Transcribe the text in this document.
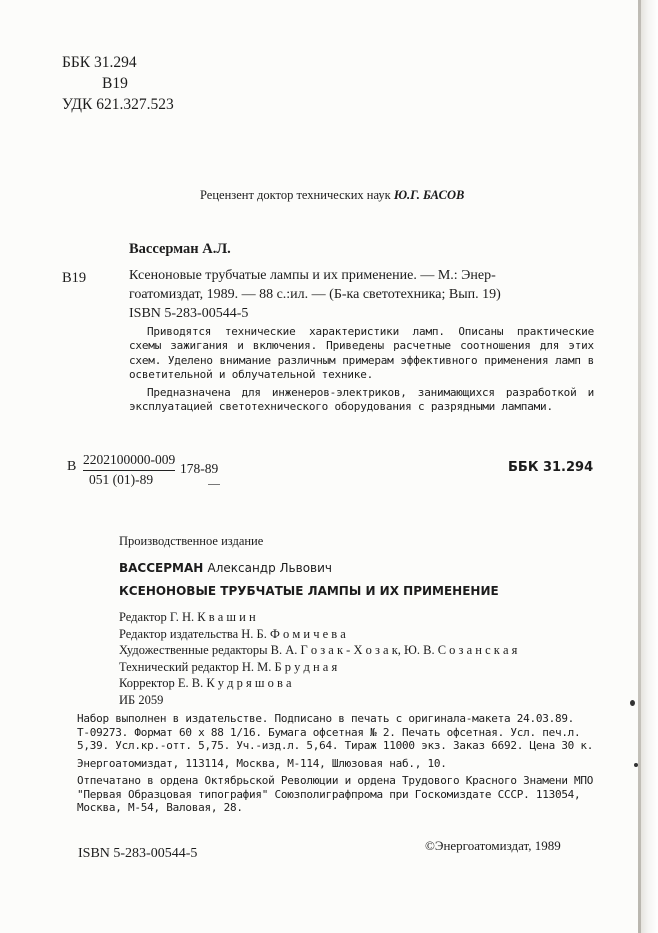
ББК 31.294
В19
УДК 621.327.523
Рецензент доктор технических наук Ю.Г. БАСОВ
Вассерман А.Л.
В19	Ксеноновые трубчатые лампы и их применение. — М.: Энер-
гоатомиздат, 1989. — 88 с.:ил. — (Б-ка светотехника; Вып. 19)
ISBN 5-283-00544-5

Приводятся технические характеристики ламп. Описаны практические схемы зажигания и включения. Приведены расчетные соотношения для этих схем. Уделено внимание различным примерам эффективного применения ламп в осветительной и облучательной технике.

Предназначена для инженеров-электриков, занимающихся разработкой и эксплуатацией светотехнического оборудования с разрядными лампами.

В 2202100000-009
051 (01)-89
178-89	ББК 31.294
Производственное издание
ВАССЕРМАН Александр Львович
КСЕНОНОВЫЕ ТРУБЧАТЫЕ ЛАМПЫ И ИХ ПРИМЕНЕНИЕ
Редактор Г. Н. К в а ш и н
Редактор издательства Н. Б. Ф о м и ч е в а
Художественные редакторы В. А. Г о з а к - Х о з а к, Ю. В. С о з а н с к а я
Технический редактор Н. М. Б р у д н а я
Корректор Е. В. К у д р я ш о в а
ИБ 2059

Набор выполнен в издательстве. Подписано в печать с оригинала-макета 24.03.89. Т-09273. Формат 60 x 88 1/16. Бумага офсетная № 2. Печать офсетная. Усл. печ.л. 5,39. Усл.кр.-отт. 5,75. Уч.-изд.л. 5,64. Тираж 11000 экз. Заказ 6692. Цена 30 к.

Энергоатомиздат, 113114, Москва, М-114, Шлюзовая наб., 10.

Отпечатано в ордена Октябрьской Революции и ордена Трудового Красного Знамени МПО "Первая Образцовая типография" Союзполиграфпрома при Госкомиздате СССР. 113054, Москва, М-54, Валовая, 28.

ISBN 5-283-00544-5
©Энергоатомиздат, 1989
